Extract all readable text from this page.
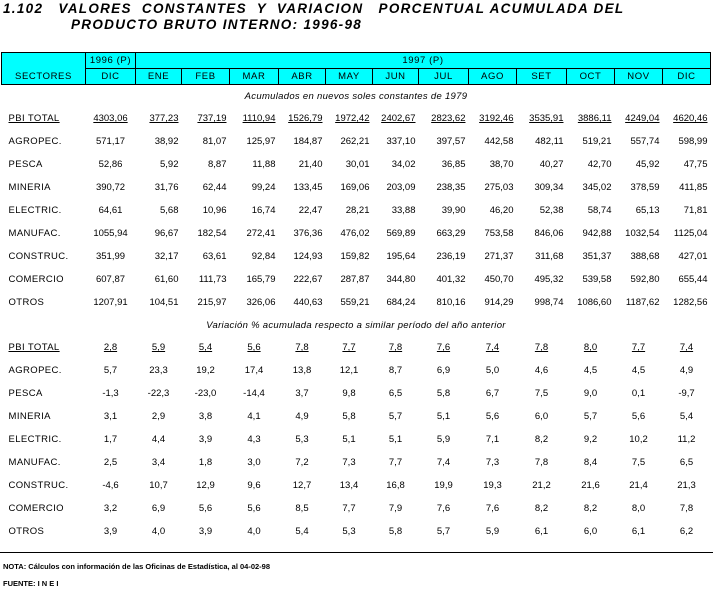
1.102   VALORES  CONSTANTES  Y  VARIACION   PORCENTUAL ACUMULADA DEL
PRODUCTO BRUTO INTERNO: 1996-98
	1996 (P)	1997 (P)											
SECTORES	DIC	ENE	FEB	MAR	ABR	MAY	JUN	JUL	AGO	SET	OCT	NOV	DIC
Acumulados en nuevos soles constantes de 1979													
PBI TOTAL	4303,06	377,23	737,19	1110,94	1526,79	1972,42	2402,67	2823,62	3192,46	3535,91	3886,11	4249,04	4620,46
AGROPEC.	571,17	38,92	81,07	125,97	184,87	262,21	337,10	397,57	442,58	482,11	519,21	557,74	598,99
PESCA	52,86	5,92	8,87	11,88	21,40	30,01	34,02	36,85	38,70	40,27	42,70	45,92	47,75
MINERIA	390,72	31,76	62,44	99,24	133,45	169,06	203,09	238,35	275,03	309,34	345,02	378,59	411,85
ELECTRIC.	64,61	5,68	10,96	16,74	22,47	28,21	33,88	39,90	46,20	52,38	58,74	65,13	71,81
MANUFAC.	1055,94	96,67	182,54	272,41	376,36	476,02	569,89	663,29	753,58	846,06	942,88	1032,54	1125,04
CONSTRUC.	351,99	32,17	63,61	92,84	124,93	159,82	195,64	236,19	271,37	311,68	351,37	388,68	427,01
COMERCIO	607,87	61,60	111,73	165,79	222,67	287,87	344,80	401,32	450,70	495,32	539,58	592,80	655,44
OTROS	1207,91	104,51	215,97	326,06	440,63	559,21	684,24	810,16	914,29	998,74	1086,60	1187,62	1282,56
Variación % acumulada respecto a similar período del año anterior													
PBI TOTAL	2,8	5,9	5,4	5,6	7,8	7,7	7,8	7,6	7,4	7,8	8,0	7,7	7,4
AGROPEC.	5,7	23,3	19,2	17,4	13,8	12,1	8,7	6,9	5,0	4,6	4,5	4,5	4,9
PESCA	-1,3	-22,3	-23,0	-14,4	3,7	9,8	6,5	5,8	6,7	7,5	9,0	0,1	-9,7
MINERIA	3,1	2,9	3,8	4,1	4,9	5,8	5,7	5,1	5,6	6,0	5,7	5,6	5,4
ELECTRIC.	1,7	4,4	3,9	4,3	5,3	5,1	5,1	5,9	7,1	8,2	9,2	10,2	11,2
MANUFAC.	2,5	3,4	1,8	3,0	7,2	7,3	7,7	7,4	7,3	7,8	8,4	7,5	6,5
CONSTRUC.	-4,6	10,7	12,9	9,6	12,7	13,4	16,8	19,9	19,3	21,2	21,6	21,4	21,3
COMERCIO	3,2	6,9	5,6	5,6	8,5	7,7	7,9	7,6	7,6	8,2	8,2	8,0	7,8
OTROS	3,9	4,0	3,9	4,0	5,4	5,3	5,8	5,7	5,9	6,1	6,0	6,1	6,2
NOTA: Cálculos con información de las Oficinas de Estadística, al 04-02-98
FUENTE: I N E I
